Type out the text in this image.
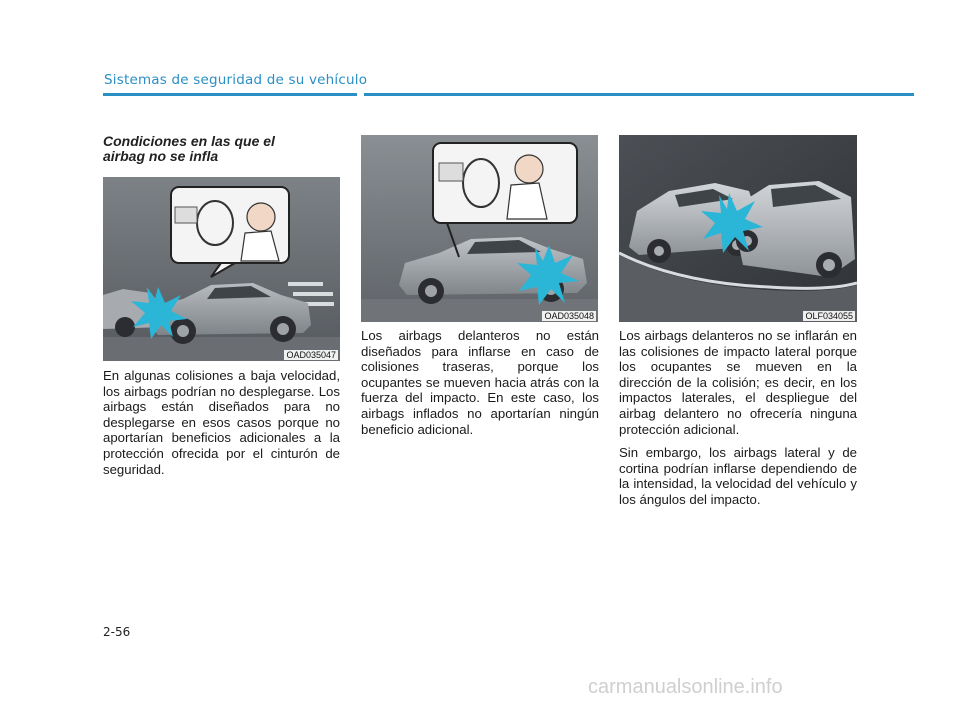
Sistemas de seguridad de su vehículo
Condiciones en las que el
airbag no se infla
OAD035047

En algunas colisiones a baja velocidad, los airbags podrían no desplegarse. Los airbags están diseñados para no desplegarse en esos casos porque no aportarían beneficios adicionales a la protección ofrecida por el cinturón de seguridad.

OAD035048

Los airbags delanteros no están diseñados para inflarse en caso de colisiones traseras, porque los ocupantes se mueven hacia atrás con la fuerza del impacto. En este caso, los airbags inflados no aportarían ningún beneficio adicional.

OLF034055

Los airbags delanteros no se inflarán en las colisiones de impacto lateral porque los ocupantes se mueven en la dirección de la colisión; es decir, en los impactos laterales, el despliegue del airbag delantero no ofrecería ninguna protección adicional.

Sin embargo, los airbags lateral y de cortina podrían inflarse dependiendo de la intensidad, la velocidad del vehículo y los ángulos del impacto.

2-56
carmanualsonline.info
